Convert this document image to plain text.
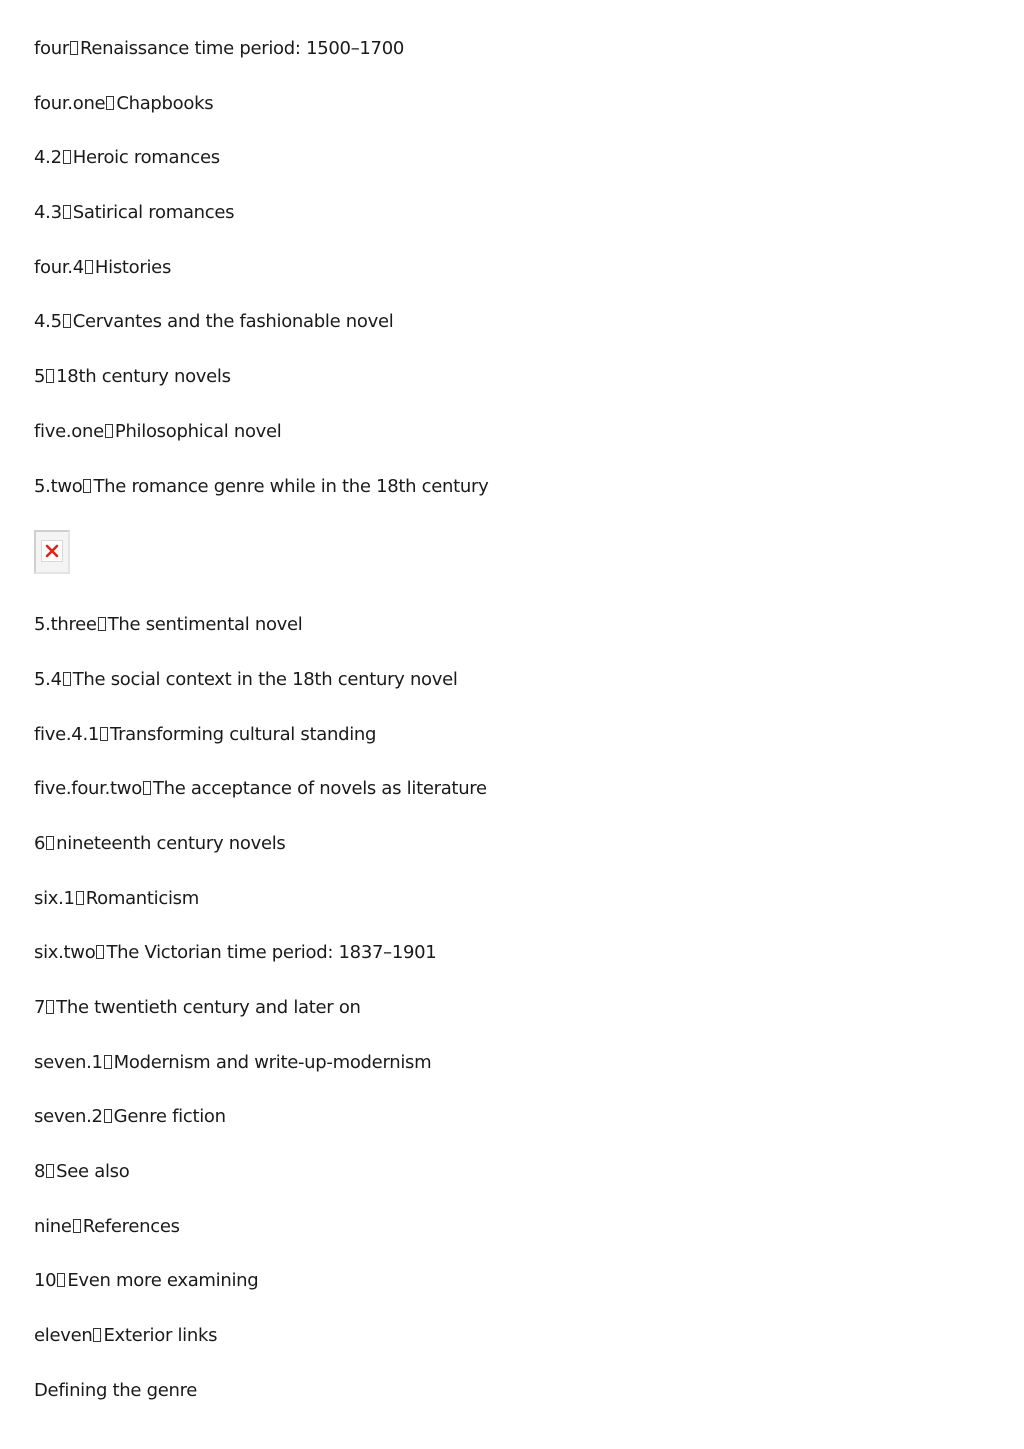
four Renaissance time period: 1500–1700
four.one Chapbooks
4.2 Heroic romances
4.3 Satirical romances
four.4 Histories
4.5 Cervantes and the fashionable novel
5 18th century novels
five.one Philosophical novel
5.two The romance genre while in the 18th century
5.three The sentimental novel
5.4 The social context in the 18th century novel
five.4.1 Transforming cultural standing
five.four.two The acceptance of novels as literature
6 nineteenth century novels
six.1 Romanticism
six.two The Victorian time period: 1837–1901
7 The twentieth century and later on
seven.1 Modernism and write-up-modernism
seven.2 Genre fiction
8 See also
nine References
10 Even more examining
eleven Exterior links
Defining the genre
